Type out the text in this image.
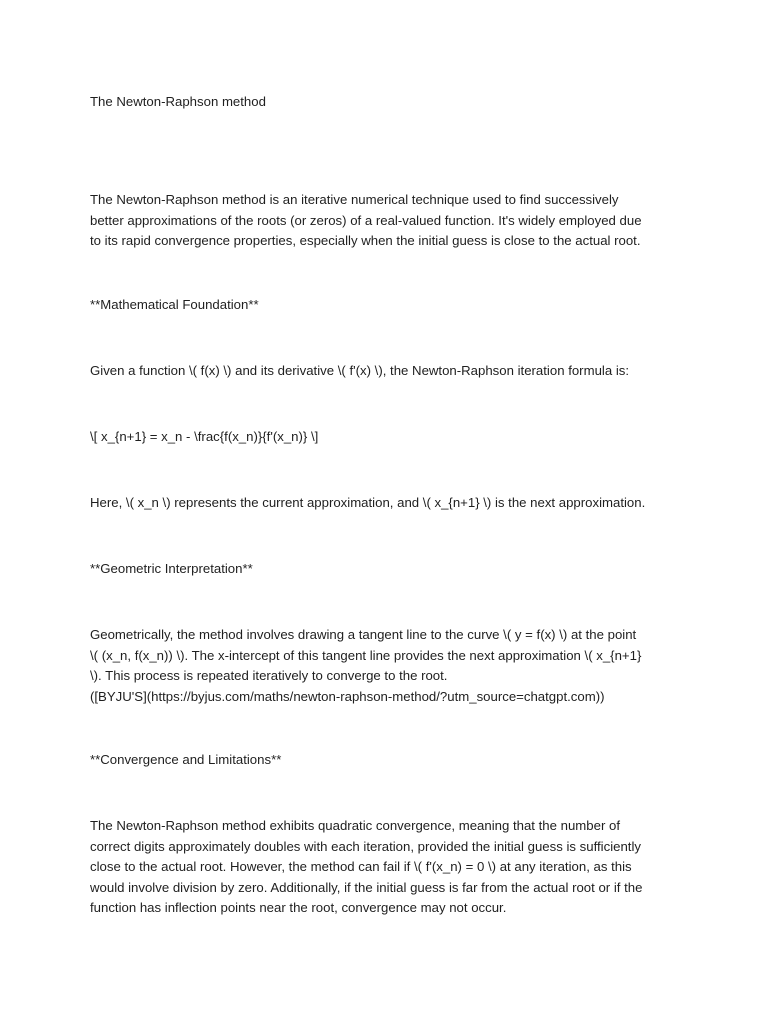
The Newton-Raphson method

The Newton-Raphson method is an iterative numerical technique used to find successively
better approximations of the roots (or zeros) of a real-valued function. It's widely employed due
to its rapid convergence properties, especially when the initial guess is close to the actual root.

**Mathematical Foundation**

Given a function \( f(x) \) and its derivative \( f'(x) \), the Newton-Raphson iteration formula is:

\[ x_{n+1} = x_n - \frac{f(x_n)}{f'(x_n)} \]

Here, \( x_n \) represents the current approximation, and \( x_{n+1} \) is the next approximation.

**Geometric Interpretation**

Geometrically, the method involves drawing a tangent line to the curve \( y = f(x) \) at the point
\( (x_n, f(x_n)) \). The x-intercept of this tangent line provides the next approximation \( x_{n+1}
\). This process is repeated iteratively to converge to the root.
([BYJU'S](https://byjus.com/maths/newton-raphson-method/?utm_source=chatgpt.com))

**Convergence and Limitations**

The Newton-Raphson method exhibits quadratic convergence, meaning that the number of
correct digits approximately doubles with each iteration, provided the initial guess is sufficiently
close to the actual root. However, the method can fail if \( f'(x_n) = 0 \) at any iteration, as this
would involve division by zero. Additionally, if the initial guess is far from the actual root or if the
function has inflection points near the root, convergence may not occur.
